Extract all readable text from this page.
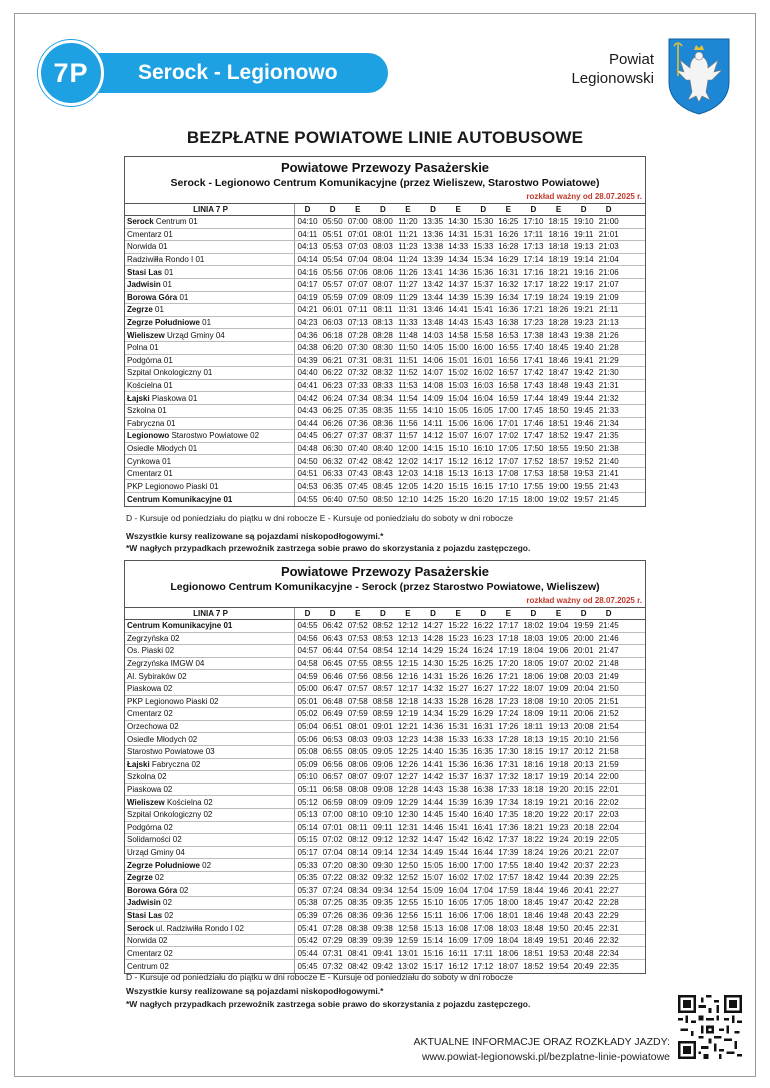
7P	Serock - Legionowo
Powiat
Legionowski
BEZPŁATNE POWIATOWE LINIE AUTOBUSOWE
Powiatowe Przewozy Pasażerskie
Serock - Legionowo Centrum Komunikacyjne (przez Wieliszew, Starostwo Powiatowe)
rozkład ważny od 28.07.2025 r.
LINIA 7 P	D	D	E	D	E	D	E	D	E	D	E	D	D
Serock Centrum 01	04:10 05:50 07:00 08:00 11:20 13:35 14:30 15:30 16:25 17:10 18:15 19:10 21:00
Cmentarz 01	04:11 05:51 07:01 08:01 11:21 13:36 14:31 15:31 16:26 17:11 18:16 19:11 21:01
Norwida 01	04:13 05:53 07:03 08:03 11:23 13:38 14:33 15:33 16:28 17:13 18:18 19:13 21:03
Radziwiłła Rondo I 01	04:14 05:54 07:04 08:04 11:24 13:39 14:34 15:34 16:29 17:14 18:19 19:14 21:04
Stasi Las 01	04:16 05:56 07:06 08:06 11:26 13:41 14:36 15:36 16:31 17:16 18:21 19:16 21:06
Jadwisin 01	04:17 05:57 07:07 08:07 11:27 13:42 14:37 15:37 16:32 17:17 18:22 19:17 21:07
Borowa Góra 01	04:19 05:59 07:09 08:09 11:29 13:44 14:39 15:39 16:34 17:19 18:24 19:19 21:09
Zegrze 01	04:21 06:01 07:11 08:11 11:31 13:46 14:41 15:41 16:36 17:21 18:26 19:21 21:11
Zegrze Południowe 01	04:23 06:03 07:13 08:13 11:33 13:48 14:43 15:43 16:38 17:23 18:28 19:23 21:13
Wieliszew Urząd Gminy 04	04:36 06:18 07:28 08:28 11:48 14:03 14:58 15:58 16:53 17:38 18:43 19:38 21:26
Polna 01	04:38 06:20 07:30 08:30 11:50 14:05 15:00 16:00 16:55 17:40 18:45 19:40 21:28
Podgórna 01	04:39 06:21 07:31 08:31 11:51 14:06 15:01 16:01 16:56 17:41 18:46 19:41 21:29
Szpital Onkologiczny 01	04:40 06:22 07:32 08:32 11:52 14:07 15:02 16:02 16:57 17:42 18:47 19:42 21:30
Kościelna 01	04:41 06:23 07:33 08:33 11:53 14:08 15:03 16:03 16:58 17:43 18:48 19:43 21:31
Łajski Piaskowa 01	04:42 06:24 07:34 08:34 11:54 14:09 15:04 16:04 16:59 17:44 18:49 19:44 21:32
Szkolna 01	04:43 06:25 07:35 08:35 11:55 14:10 15:05 16:05 17:00 17:45 18:50 19:45 21:33
Fabryczna 01	04:44 06:26 07:36 08:36 11:56 14:11 15:06 16:06 17:01 17:46 18:51 19:46 21:34
Legionowo Starostwo Powiatowe 02	04:45 06:27 07:37 08:37 11:57 14:12 15:07 16:07 17:02 17:47 18:52 19:47 21:35
Osiedle Młodych 01	04:48 06:30 07:40 08:40 12:00 14:15 15:10 16:10 17:05 17:50 18:55 19:50 21:38
Cynkowa 01	04:50 06:32 07:42 08:42 12:02 14:17 15:12 16:12 17:07 17:52 18:57 19:52 21:40
Cmentarz 01	04:51 06:33 07:43 08:43 12:03 14:18 15:13 16:13 17:08 17:53 18:58 19:53 21:41
PKP Legionowo Piaski 01	04:53 06:35 07:45 08:45 12:05 14:20 15:15 16:15 17:10 17:55 19:00 19:55 21:43
Centrum Komunikacyjne 01	04:55 06:40 07:50 08:50 12:10 14:25 15:20 16:20 17:15 18:00 19:02 19:57 21:45
D - Kursuje od poniedziału do piątku w dni robocze E - Kursuje od poniedziału do soboty w dni robocze
Wszystkie kursy realizowane są pojazdami niskopodłogowymi.*
*W nagłych przypadkach przewoźnik zastrzega sobie prawo do skorzystania z pojazdu zastępczego.
Powiatowe Przewozy Pasażerskie
Legionowo Centrum Komunikacyjne - Serock (przez Starostwo Powiatowe, Wieliszew)
rozkład ważny od 28.07.2025 r.
LINIA 7 P	D	D	E	D	E	D	E	D	E	D	E	D	D
Centrum Komunikacyjne 01	04:55 06:42 07:52 08:52 12:12 14:27 15:22 16:22 17:17 18:02 19:04 19:59 21:45
Zegrzyńska 02	04:56 06:43 07:53 08:53 12:13 14:28 15:23 16:23 17:18 18:03 19:05 20:00 21:46
Os. Piaski 02	04:57 06:44 07:54 08:54 12:14 14:29 15:24 16:24 17:19 18:04 19:06 20:01 21:47
Zegrzyńska IMGW 04	04:58 06:45 07:55 08:55 12:15 14:30 15:25 16:25 17:20 18:05 19:07 20:02 21:48
Al. Sybiraków 02	04:59 06:46 07:56 08:56 12:16 14:31 15:26 16:26 17:21 18:06 19:08 20:03 21:49
Piaskowa 02	05:00 06:47 07:57 08:57 12:17 14:32 15:27 16:27 17:22 18:07 19:09 20:04 21:50
PKP Legionowo Piaski 02	05:01 06:48 07:58 08:58 12:18 14:33 15:28 16:28 17:23 18:08 19:10 20:05 21:51
Cmentarz 02	05:02 06:49 07:59 08:59 12:19 14:34 15:29 16:29 17:24 18:09 19:11 20:06 21:52
Orzechowa 02	05:04 06:51 08:01 09:01 12:21 14:36 15:31 16:31 17:26 18:11 19:13 20:08 21:54
Osiedle Młodych 02	05:06 06:53 08:03 09:03 12:23 14:38 15:33 16:33 17:28 18:13 19:15 20:10 21:56
Starostwo Powiatowe 03	05:08 06:55 08:05 09:05 12:25 14:40 15:35 16:35 17:30 18:15 19:17 20:12 21:58
Łajski Fabryczna 02	05:09 06:56 08:06 09:06 12:26 14:41 15:36 16:36 17:31 18:16 19:18 20:13 21:59
Szkolna 02	05:10 06:57 08:07 09:07 12:27 14:42 15:37 16:37 17:32 18:17 19:19 20:14 22:00
Piaskowa 02	05:11 06:58 08:08 09:08 12:28 14:43 15:38 16:38 17:33 18:18 19:20 20:15 22:01
Wieliszew Kościelna 02	05:12 06:59 08:09 09:09 12:29 14:44 15:39 16:39 17:34 18:19 19:21 20:16 22:02
Szpital Onkologiczny 02	05:13 07:00 08:10 09:10 12:30 14:45 15:40 16:40 17:35 18:20 19:22 20:17 22:03
Podgórna 02	05:14 07:01 08:11 09:11 12:31 14:46 15:41 16:41 17:36 18:21 19:23 20:18 22:04
Solidarności 02	05:15 07:02 08:12 09:12 12:32 14:47 15:42 16:42 17:37 18:22 19:24 20:19 22:05
Urząd Gminy 04	05:17 07:04 08:14 09:14 12:34 14:49 15:44 16:44 17:39 18:24 19:26 20:21 22:07
Zegrze Południowe 02	05:33 07:20 08:30 09:30 12:50 15:05 16:00 17:00 17:55 18:40 19:42 20:37 22:23
Zegrze 02	05:35 07:22 08:32 09:32 12:52 15:07 16:02 17:02 17:57 18:42 19:44 20:39 22:25
Borowa Góra 02	05:37 07:24 08:34 09:34 12:54 15:09 16:04 17:04 17:59 18:44 19:46 20:41 22:27
Jadwisin 02	05:38 07:25 08:35 09:35 12:55 15:10 16:05 17:05 18:00 18:45 19:47 20:42 22:28
Stasi Las 02	05:39 07:26 08:36 09:36 12:56 15:11 16:06 17:06 18:01 18:46 19:48 20:43 22:29
Serock ul. Radziwiłła Rondo I 02	05:41 07:28 08:38 09:38 12:58 15:13 16:08 17:08 18:03 18:48 19:50 20:45 22:31
Norwida 02	05:42 07:29 08:39 09:39 12:59 15:14 16:09 17:09 18:04 18:49 19:51 20:46 22:32
Cmentarz 02	05:44 07:31 08:41 09:41 13:01 15:16 16:11 17:11 18:06 18:51 19:53 20:48 22:34
Centrum 02	05:45 07:32 08:42 09:42 13:02 15:17 16:12 17:12 18:07 18:52 19:54 20:49 22:35
D - Kursuje od poniedziału do piątku w dni robocze E - Kursuje od poniedziału do soboty w dni robocze
Wszystkie kursy realizowane są pojazdami niskopodłogowymi.*
*W nagłych przypadkach przewoźnik zastrzega sobie prawo do skorzystania z pojazdu zastępczego.
AKTUALNE INFORMACJE ORAZ ROZKŁADY JAZDY:
www.powiat-legionowski.pl/bezplatne-linie-powiatowe
